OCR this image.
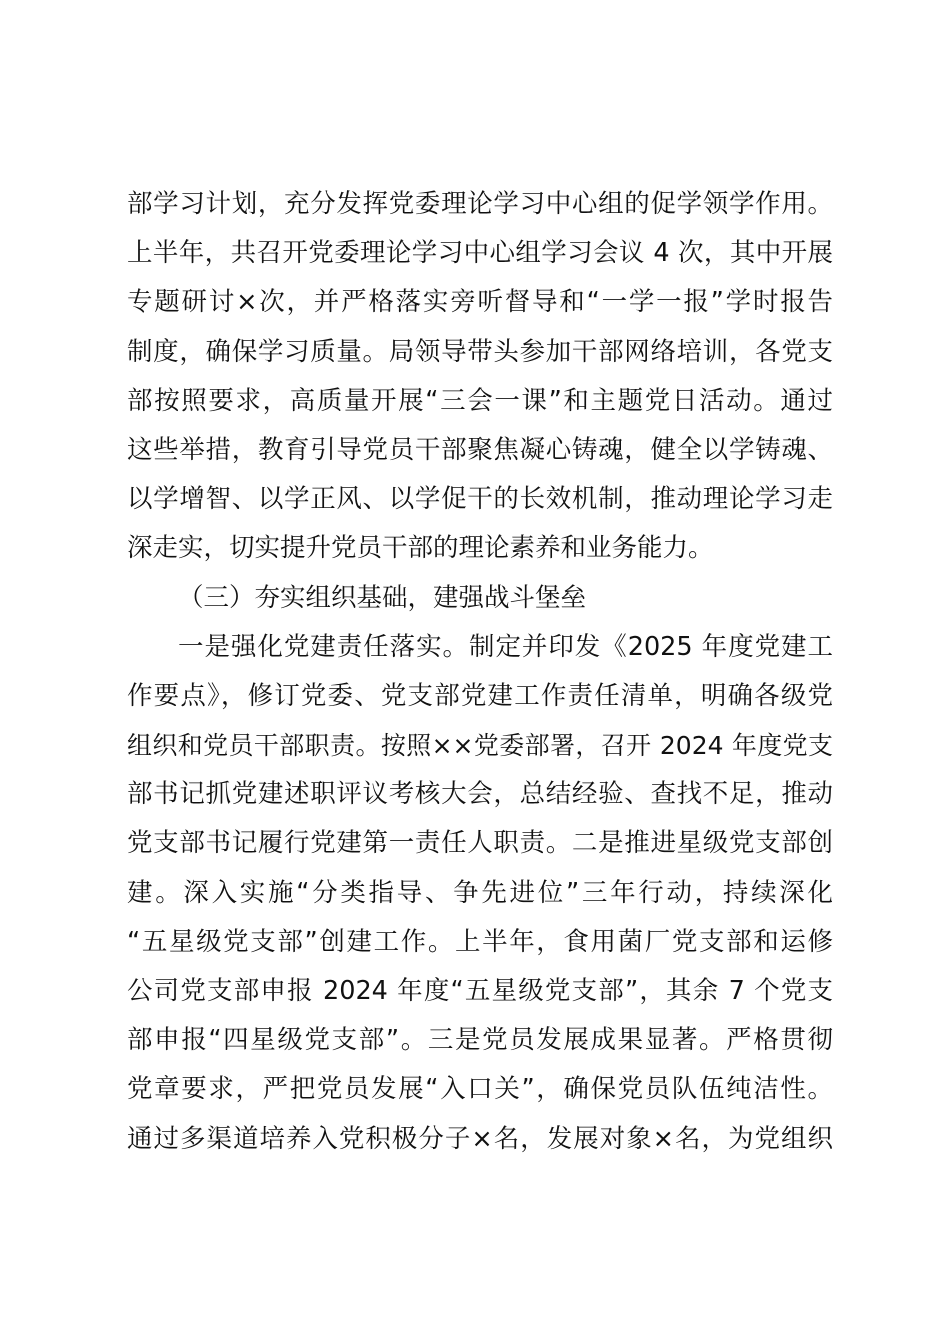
部学习计划，充分发挥党委理论学习中心组的促学领学作用。
上半年，共召开党委理论学习中心组学习会议 4 次，其中开展
专题研讨×次，并严格落实旁听督导和“一学一报”学时报告
制度，确保学习质量。局领导带头参加干部网络培训，各党支
部按照要求，高质量开展“三会一课”和主题党日活动。通过
这些举措，教育引导党员干部聚焦凝心铸魂，健全以学铸魂、
以学增智、以学正风、以学促干的长效机制，推动理论学习走
深走实，切实提升党员干部的理论素养和业务能力。
（三）夯实组织基础，建强战斗堡垒
一是强化党建责任落实。制定并印发《2025 年度党建工
作要点》，修订党委、党支部党建工作责任清单，明确各级党
组织和党员干部职责。按照××党委部署，召开 2024 年度党支
部书记抓党建述职评议考核大会，总结经验、查找不足，推动
党支部书记履行党建第一责任人职责。二是推进星级党支部创
建。深入实施“分类指导、争先进位”三年行动，持续深化
“五星级党支部”创建工作。上半年，食用菌厂党支部和运修
公司党支部申报 2024 年度“五星级党支部”，其余 7 个党支
部申报“四星级党支部”。三是党员发展成果显著。严格贯彻
党章要求，严把党员发展“入口关”，确保党员队伍纯洁性。
通过多渠道培养入党积极分子×名，发展对象×名，为党组织
